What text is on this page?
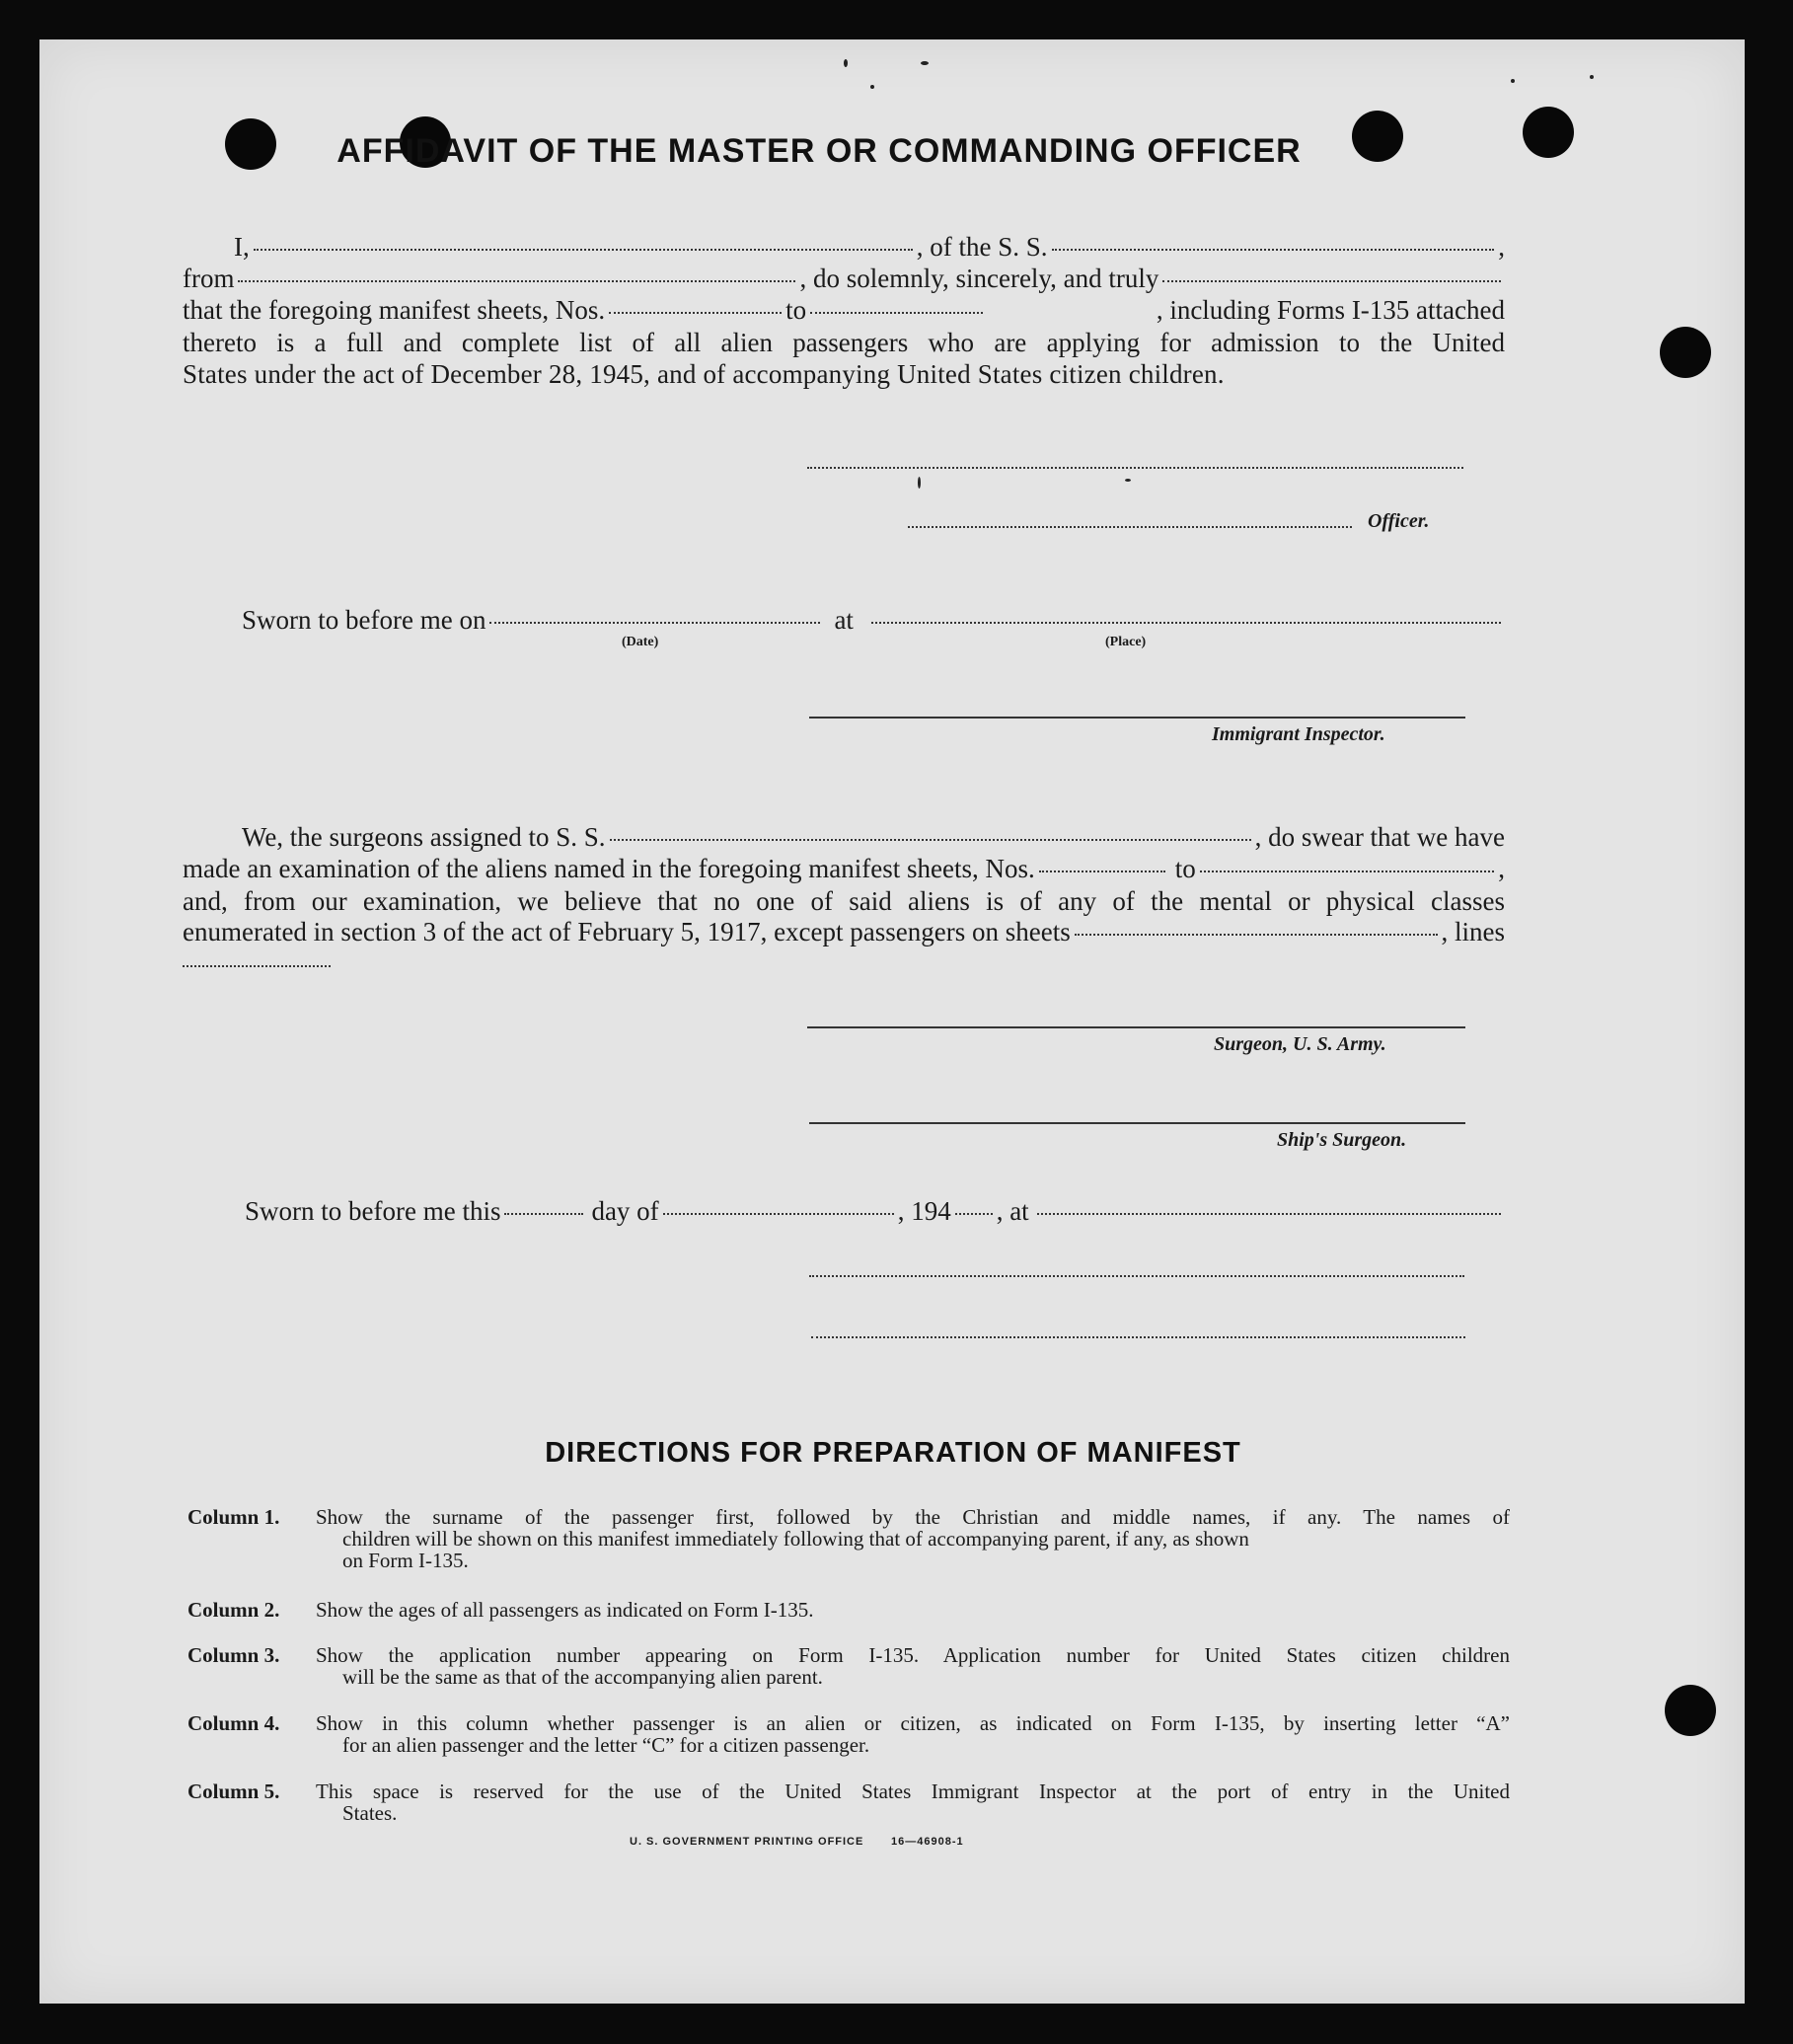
AFFIDAVIT OF THE MASTER OR COMMANDING OFFICER
I,	, of the S. S.	,
from	, do solemnly, sincerely, and truly
that the foregoing manifest sheets, Nos.	to	, including Forms I-135 attached
thereto is a full and complete list of all alien passengers who are applying for admission to the United
States under the act of December 28, 1945, and of accompanying United States citizen children.
Officer.
Sworn to before me on	at
(Date)	(Place)
Immigrant Inspector.
We, the surgeons assigned to S. S.	, do swear that we have
made an examination of the aliens named in the foregoing manifest sheets, Nos.	to	,
and, from our examination, we believe that no one of said aliens is of any of the mental or physical classes
enumerated in section 3 of the act of February 5, 1917, except passengers on sheets	, lines
Surgeon, U. S. Army.
Ship's Surgeon.
Sworn to before me this	day of	, 194 , at
DIRECTIONS FOR PREPARATION OF MANIFEST
Column 1. Show the surname of the passenger first, followed by the Christian and middle names, if any. The names of
children will be shown on this manifest immediately following that of accompanying parent, if any, as shown
on Form I-135.
Column 2. Show the ages of all passengers as indicated on Form I-135.
Column 3. Show the application number appearing on Form I-135. Application number for United States citizen children
will be the same as that of the accompanying alien parent.
Column 4. Show in this column whether passenger is an alien or citizen, as indicated on Form I-135, by inserting letter “A”
for an alien passenger and the letter “C” for a citizen passenger.
Column 5. This space is reserved for the use of the United States Immigrant Inspector at the port of entry in the United
States.
U. S. GOVERNMENT PRINTING OFFICE	16—46908-1
